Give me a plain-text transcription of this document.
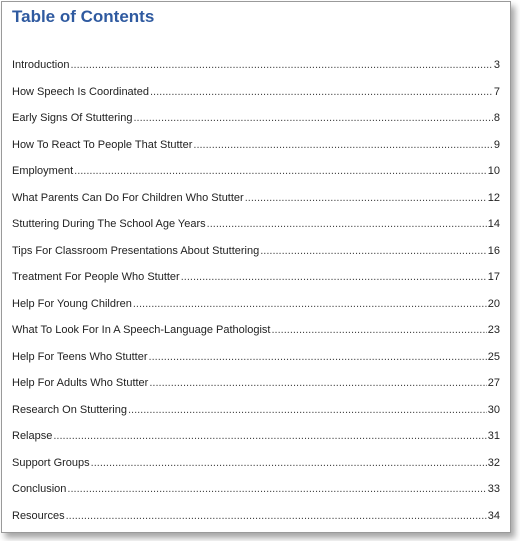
Table of Contents
Introduction .....	3
How Speech Is Coordinated .....	7
Early Signs Of Stuttering .....	8
How To React To People That Stutter .....	9
Employment .....	10
What Parents Can Do For Children Who Stutter .....	12
Stuttering During The School Age Years .....	14
Tips For Classroom Presentations About Stuttering .....	16
Treatment For People Who Stutter .....	17
Help For Young Children .....	20
What To Look For In A Speech-Language Pathologist .....	23
Help For Teens Who Stutter .....	25
Help For Adults Who Stutter .....	27
Research On Stuttering .....	30
Relapse .....	31
Support Groups .....	32
Conclusion .....	33
Resources .....	34
